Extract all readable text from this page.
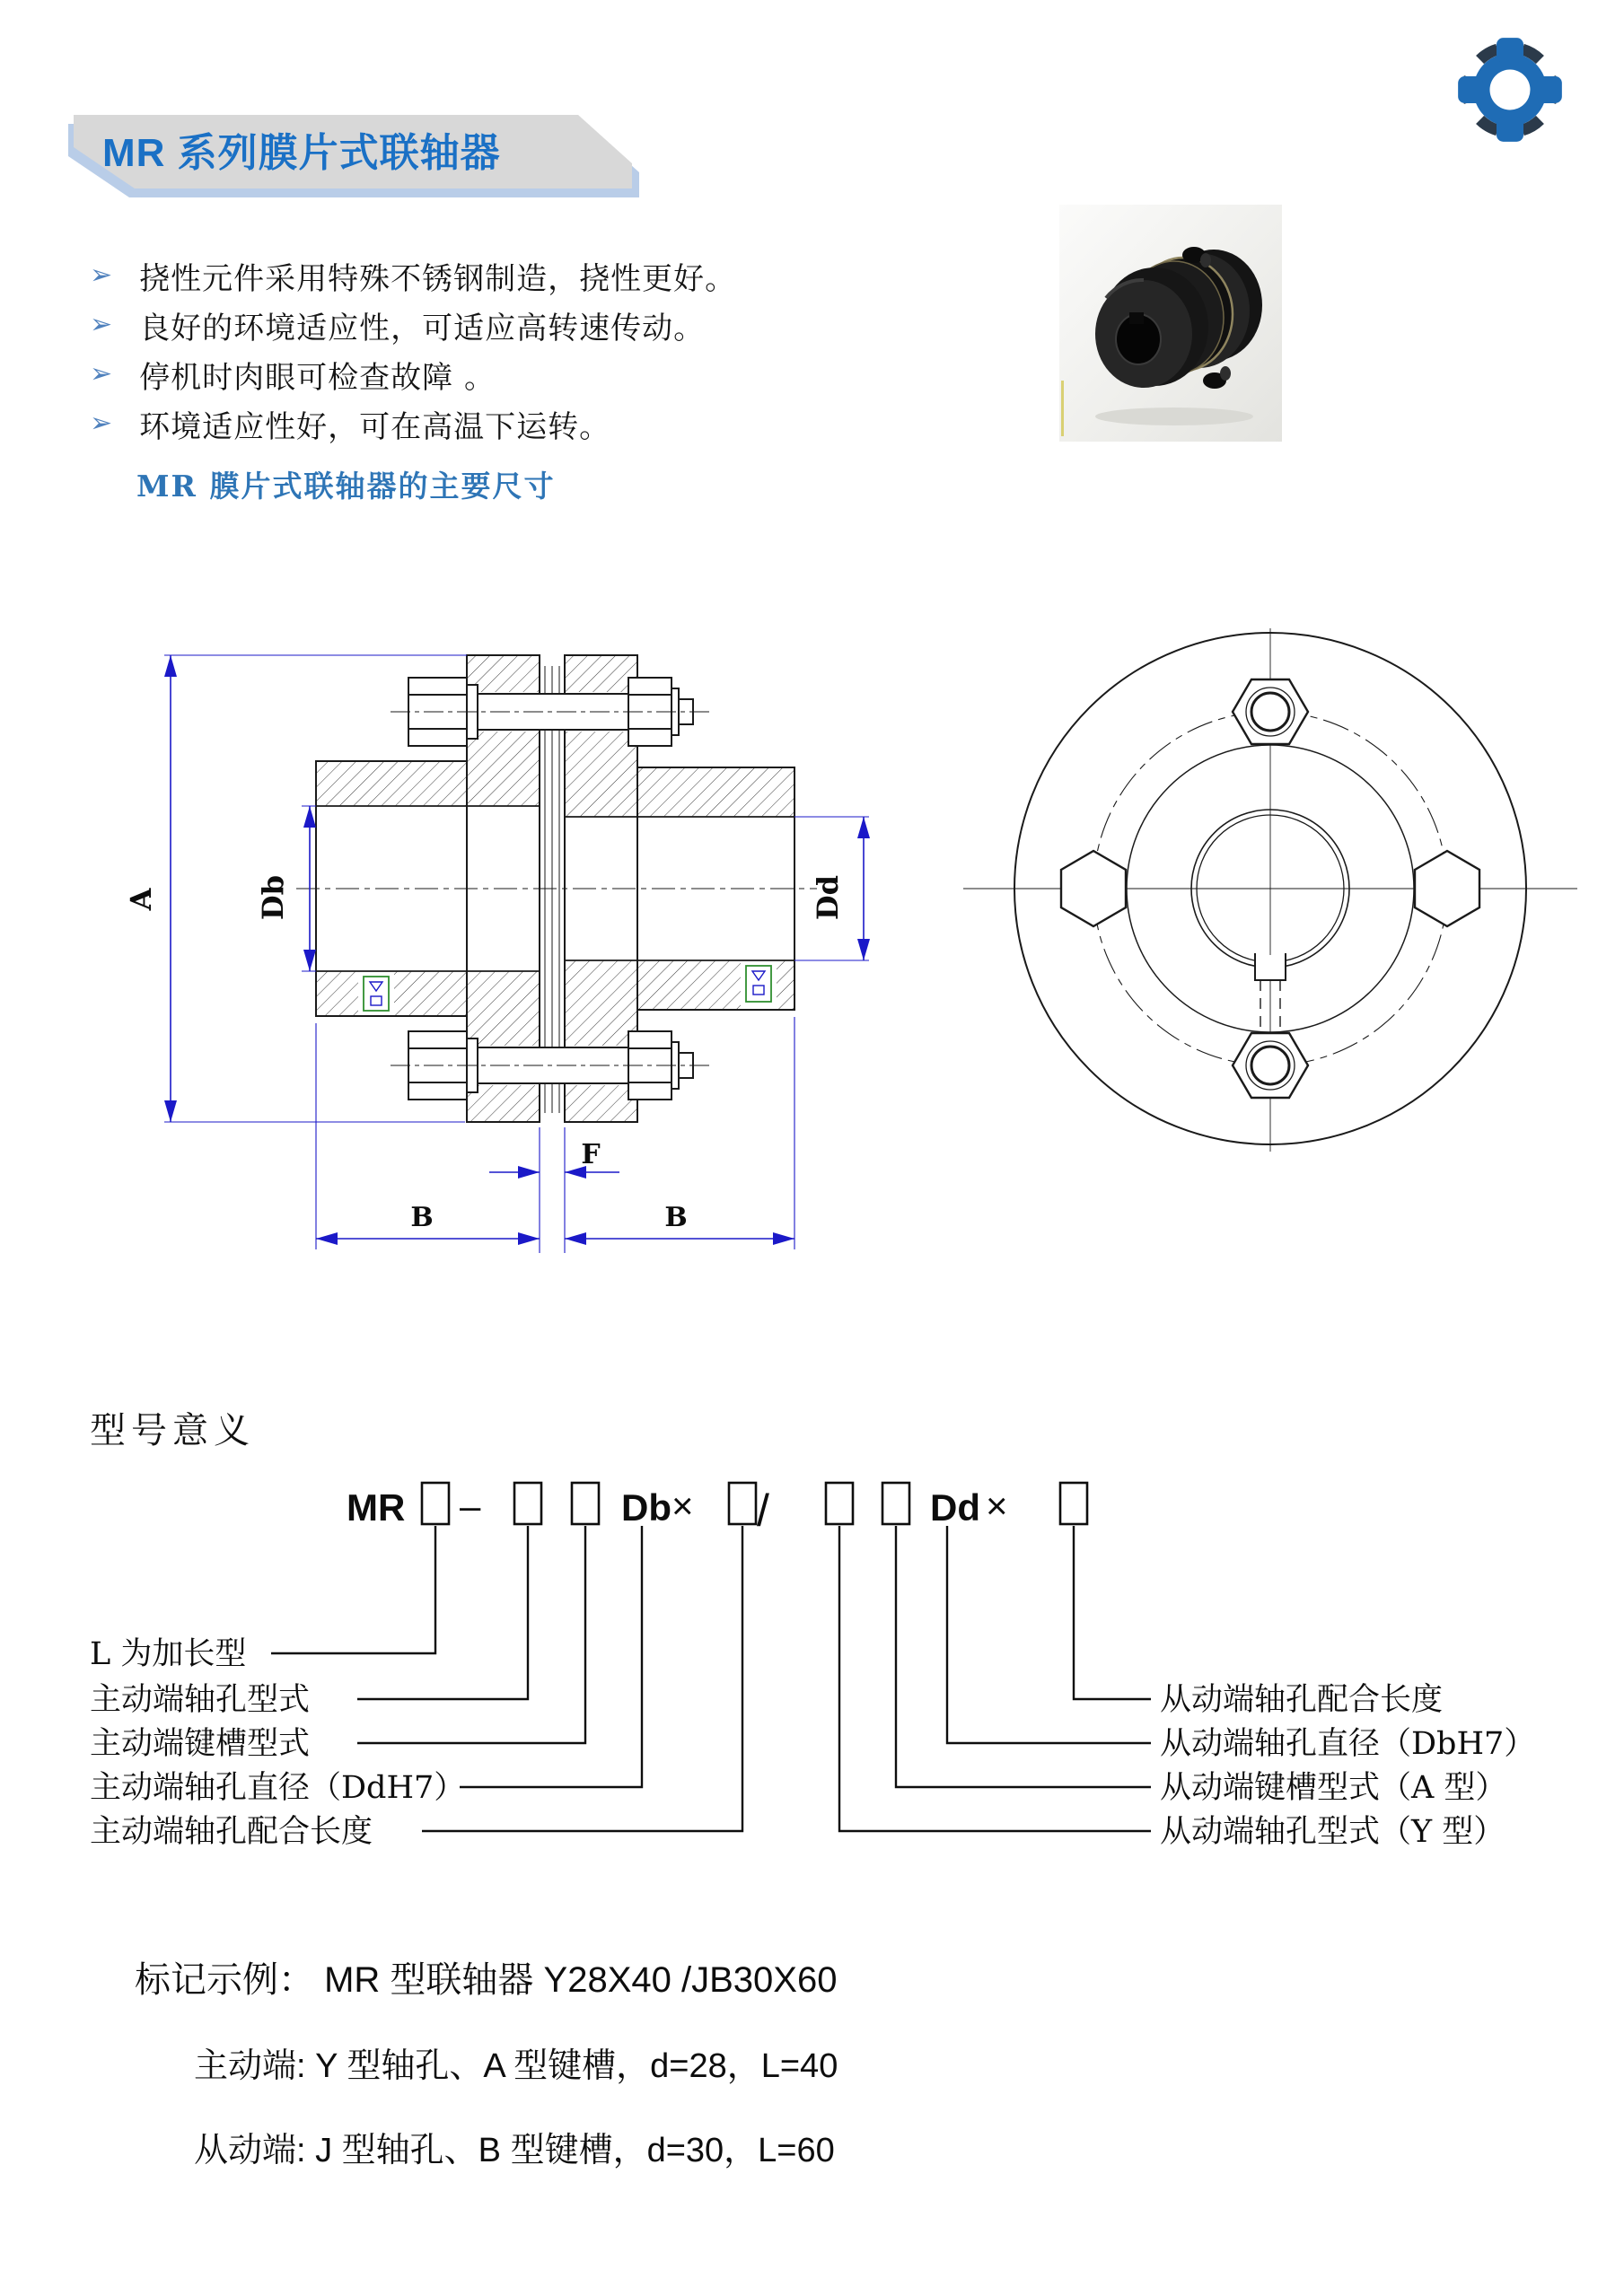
MR 系列膜片式联轴器
➢ 挠性元件采用特殊不锈钢制造，挠性更好。
➢ 良好的环境适应性，可适应高转速传动。
➢ 停机时肉眼可检查故障 。
➢ 环境适应性好，可在高温下运转。
MR 膜片式联轴器的主要尺寸
A	Db	Dd
F
B	B
型号意义
MR –	Db × /	Dd ×
L 为加长型
主动端轴孔型式
主动端键槽型式
主动端轴孔直径（DdH7）
主动端轴孔配合长度
从动端轴孔配合长度
从动端轴孔直径（DbH7）
从动端键槽型式（A 型）
从动端轴孔型式（Y 型）
标记示例： MR 型联轴器 Y28X40 /JB30X60
主动端: Y 型轴孔、A 型键槽，d=28，L=40
从动端: J 型轴孔、B 型键槽，d=30，L=60
